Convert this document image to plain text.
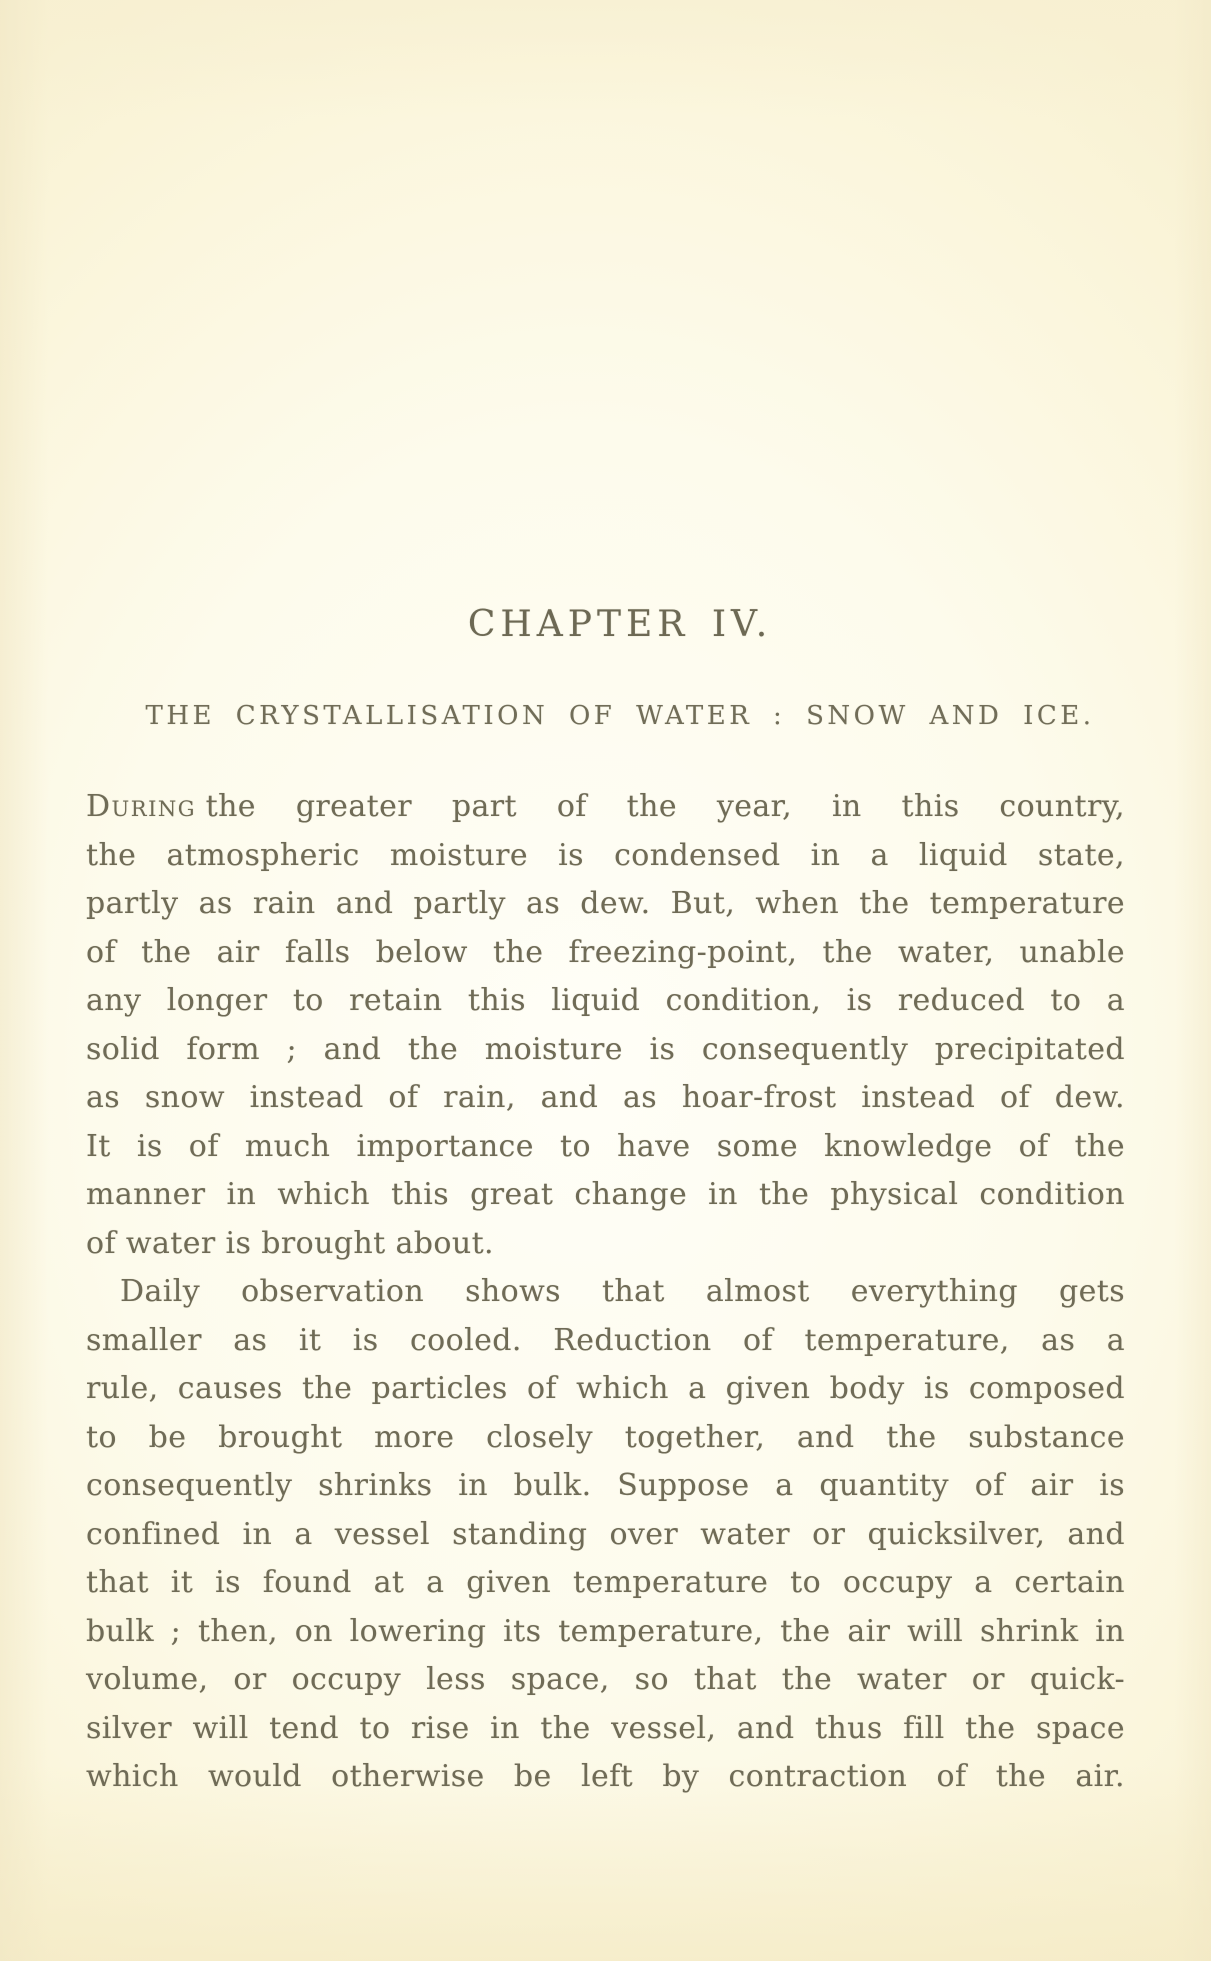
CHAPTER IV.
THE CRYSTALLISATION OF WATER : SNOW AND ICE.
During the greater part of the year, in this country,
the atmospheric moisture is condensed in a liquid state,
partly as rain and partly as dew. But, when the temperature
of the air falls below the freezing-point, the water, unable
any longer to retain this liquid condition, is reduced to a
solid form ; and the moisture is consequently precipitated
as snow instead of rain, and as hoar-frost instead of dew.
It is of much importance to have some knowledge of the
manner in which this great change in the physical condition
of water is brought about.
Daily observation shows that almost everything gets
smaller as it is cooled. Reduction of temperature, as a
rule, causes the particles of which a given body is composed
to be brought more closely together, and the substance
consequently shrinks in bulk. Suppose a quantity of air is
confined in a vessel standing over water or quicksilver, and
that it is found at a given temperature to occupy a certain
bulk ; then, on lowering its temperature, the air will shrink in
volume, or occupy less space, so that the water or quick-
silver will tend to rise in the vessel, and thus fill the space
which would otherwise be left by contraction of the air.
